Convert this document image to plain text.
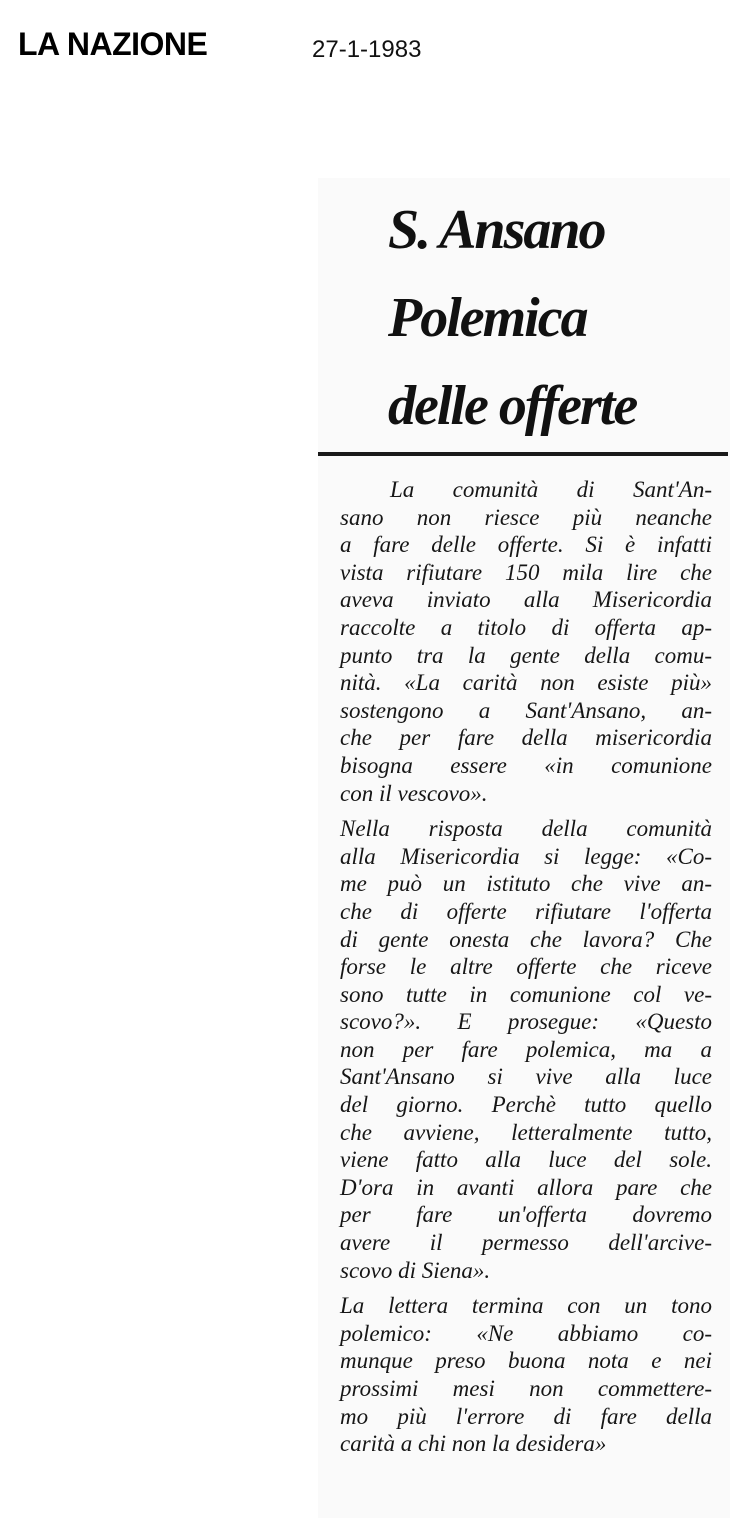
LA NAZIONE	27-1-1983
S. Ansano
Polemica
delle offerte

La comunità di Sant'An-
sano non riesce più neanche
a fare delle offerte. Si è infatti
vista rifiutare 150 mila lire che
aveva inviato alla Misericordia
raccolte a titolo di offerta ap-
punto tra la gente della comu-
nità. «La carità non esiste più»
sostengono a Sant'Ansano, an-
che per fare della misericordia
bisogna essere «in comunione
con il vescovo».

Nella risposta della comunità
alla Misericordia si legge: «Co-
me può un istituto che vive an-
che di offerte rifiutare l'offerta
di gente onesta che lavora? Che
forse le altre offerte che riceve
sono tutte in comunione col ve-
scovo?». E prosegue: «Questo
non per fare polemica, ma a
Sant'Ansano si vive alla luce
del giorno. Perchè tutto quello
che avviene, letteralmente tutto,
viene fatto alla luce del sole.
D'ora in avanti allora pare che
per fare un'offerta dovremo
avere il permesso dell'arcive-
scovo di Siena».

La lettera termina con un tono
polemico: «Ne abbiamo co-
munque preso buona nota e nei
prossimi mesi non commettere-
mo più l'errore di fare della
carità a chi non la desidera»
